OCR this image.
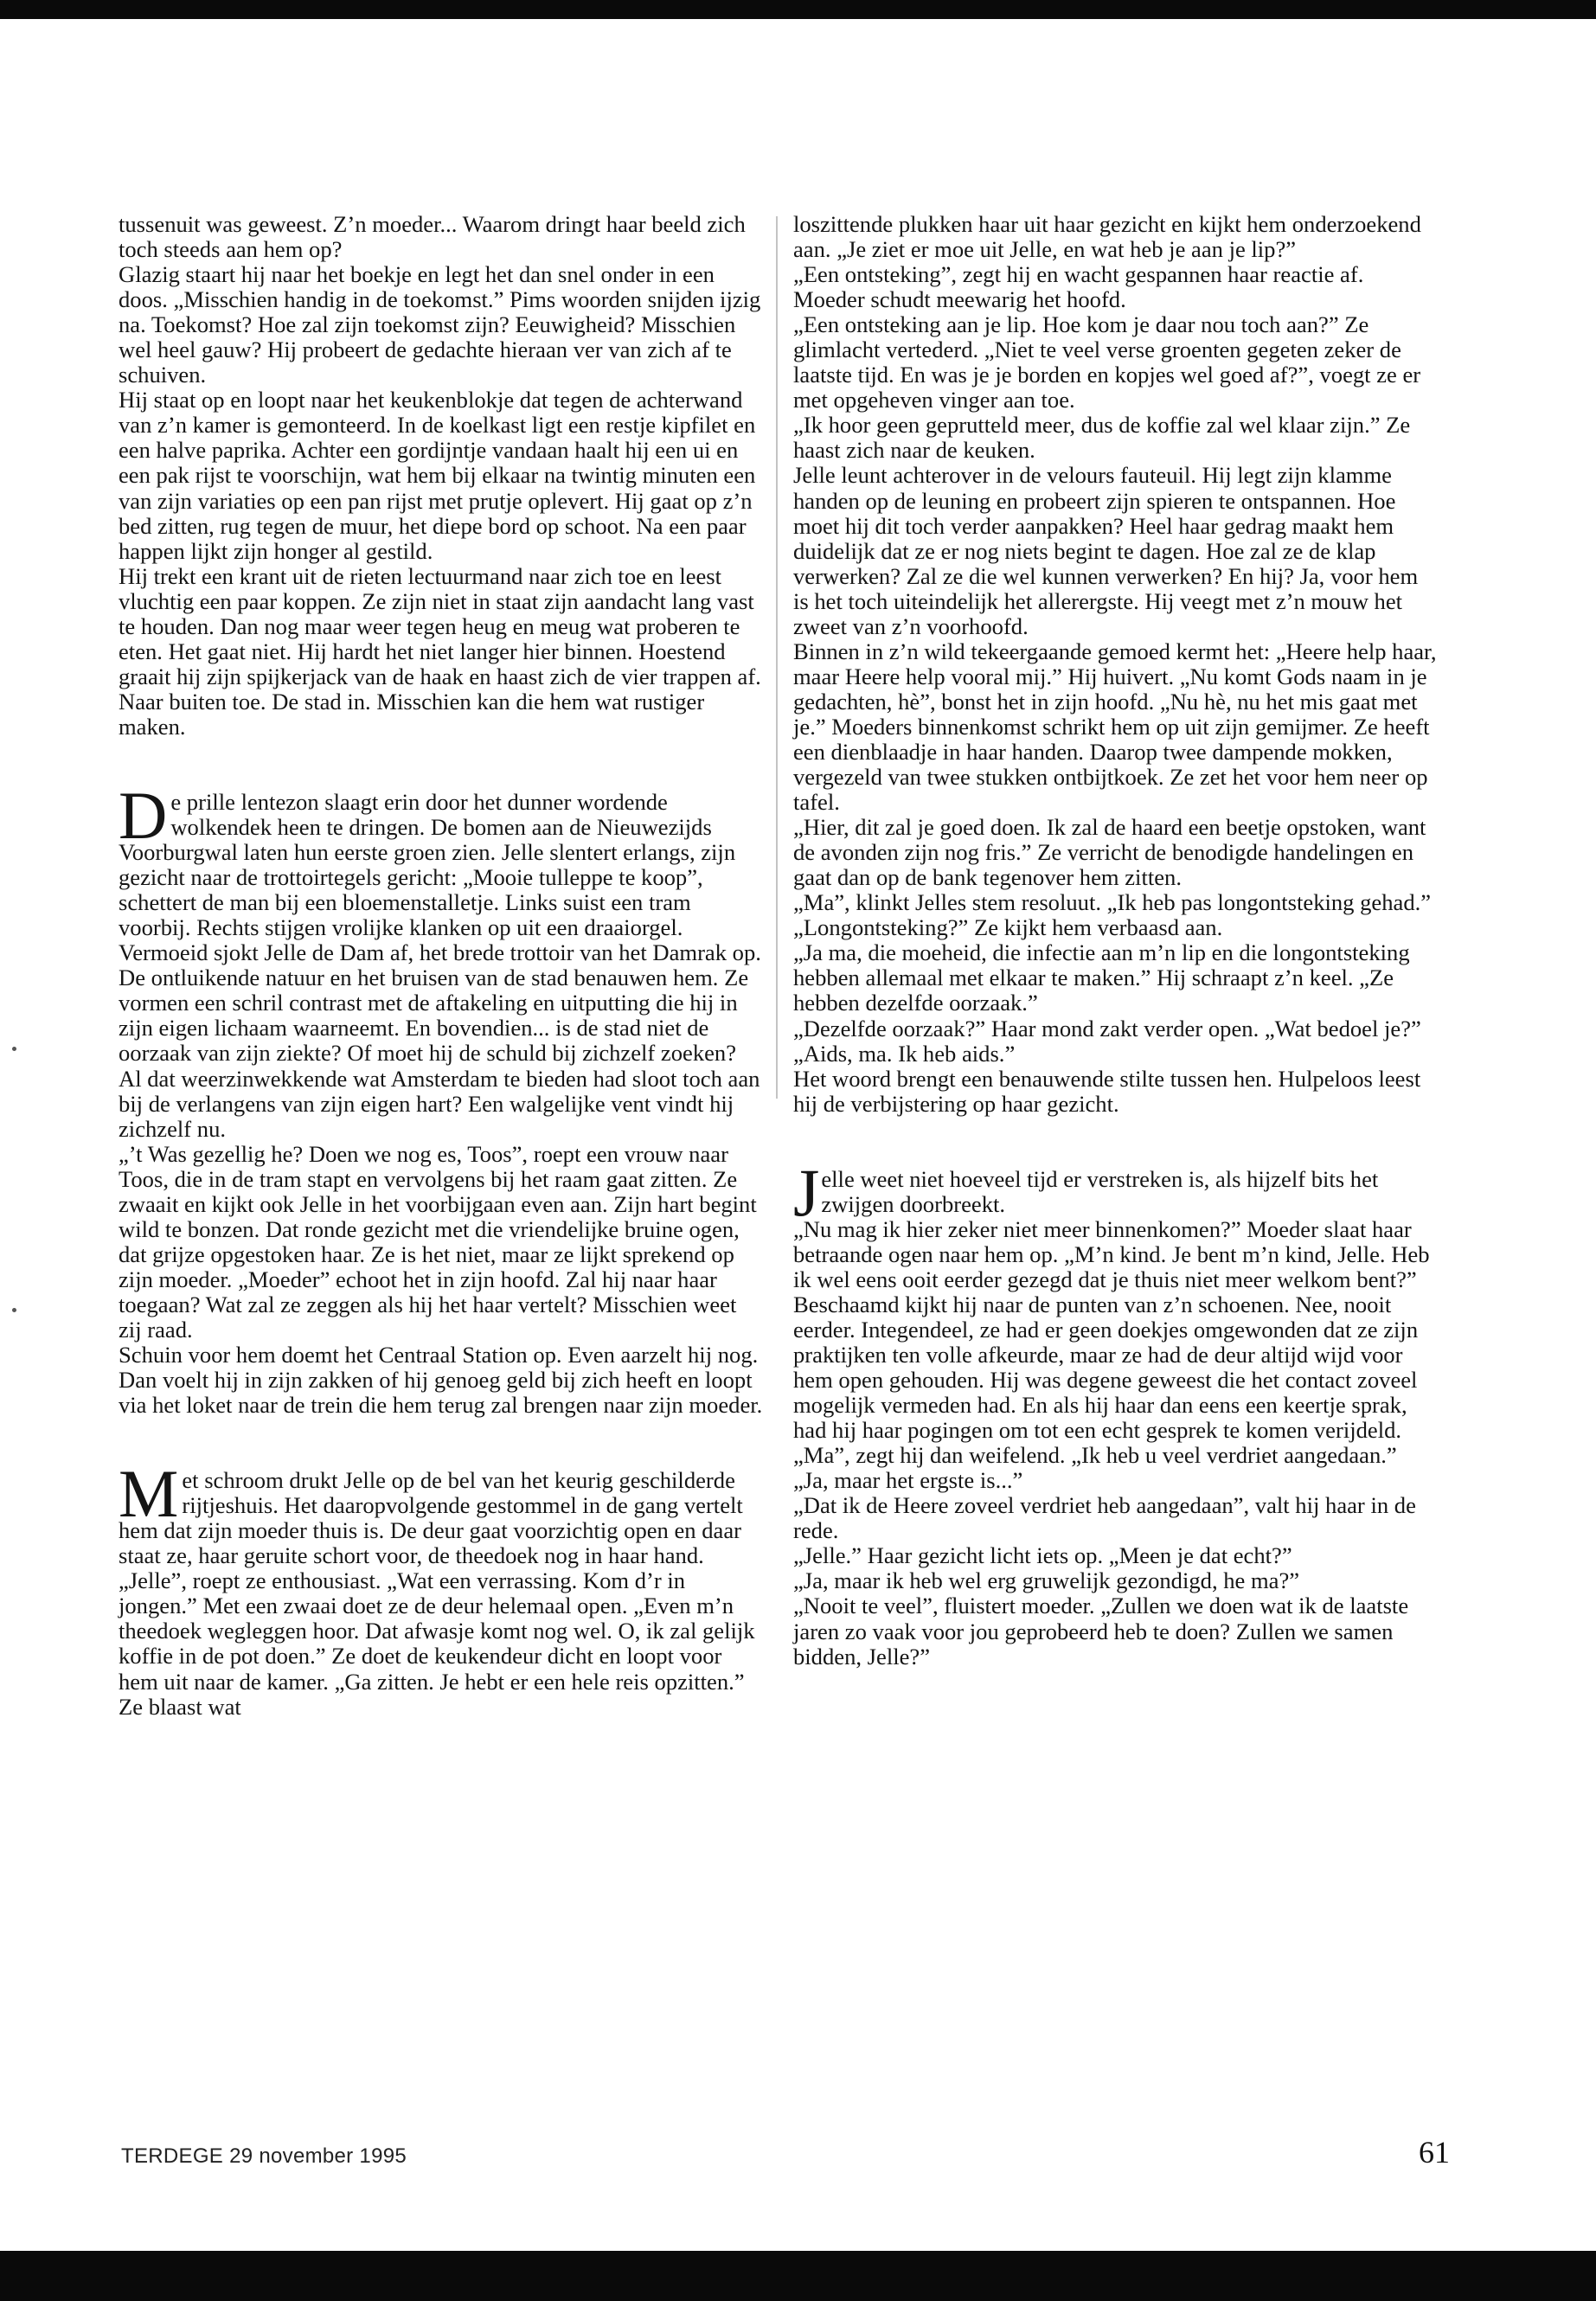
tussenuit was geweest. Z’n moeder... Waarom dringt haar beeld zich toch steeds aan hem op?

Glazig staart hij naar het boekje en legt het dan snel onder in een doos. „Misschien handig in de toekomst.” Pims woorden snijden ijzig na. Toekomst? Hoe zal zijn toekomst zijn? Eeuwigheid? Misschien wel heel gauw? Hij probeert de gedachte hieraan ver van zich af te schuiven.

Hij staat op en loopt naar het keukenblokje dat tegen de achterwand van z’n kamer is gemonteerd. In de koelkast ligt een restje kipfilet en een halve paprika. Achter een gordijntje vandaan haalt hij een ui en een pak rijst te voorschijn, wat hem bij elkaar na twintig minuten een van zijn variaties op een pan rijst met prutje oplevert. Hij gaat op z’n bed zitten, rug tegen de muur, het diepe bord op schoot. Na een paar happen lijkt zijn honger al gestild.

Hij trekt een krant uit de rieten lectuurmand naar zich toe en leest vluchtig een paar koppen. Ze zijn niet in staat zijn aandacht lang vast te houden. Dan nog maar weer tegen heug en meug wat proberen te eten. Het gaat niet. Hij hardt het niet langer hier binnen. Hoestend graait hij zijn spijkerjack van de haak en haast zich de vier trappen af. Naar buiten toe. De stad in. Misschien kan die hem wat rustiger maken.

De prille lentezon slaagt erin door het dunner wordende wolkendek heen te dringen. De bomen aan de Nieuwezijds Voorburgwal laten hun eerste groen zien. Jelle slentert erlangs, zijn gezicht naar de trottoirtegels gericht: „Mooie tulleppe te koop”, schettert de man bij een bloemenstalletje. Links suist een tram voorbij. Rechts stijgen vrolijke klanken op uit een draaiorgel. Vermoeid sjokt Jelle de Dam af, het brede trottoir van het Damrak op.

De ontluikende natuur en het bruisen van de stad benauwen hem. Ze vormen een schril contrast met de aftakeling en uitputting die hij in zijn eigen lichaam waarneemt. En bovendien... is de stad niet de oorzaak van zijn ziekte? Of moet hij de schuld bij zichzelf zoeken? Al dat weerzinwekkende wat Amsterdam te bieden had sloot toch aan bij de verlangens van zijn eigen hart? Een walgelijke vent vindt hij zichzelf nu.

„’t Was gezellig he? Doen we nog es, Toos”, roept een vrouw naar Toos, die in de tram stapt en vervolgens bij het raam gaat zitten. Ze zwaait en kijkt ook Jelle in het voorbijgaan even aan. Zijn hart begint wild te bonzen. Dat ronde gezicht met die vriendelijke bruine ogen, dat grijze opgestoken haar. Ze is het niet, maar ze lijkt sprekend op zijn moeder. „Moeder” echoot het in zijn hoofd. Zal hij naar haar toegaan? Wat zal ze zeggen als hij het haar vertelt? Misschien weet zij raad.

Schuin voor hem doemt het Centraal Station op. Even aarzelt hij nog. Dan voelt hij in zijn zakken of hij genoeg geld bij zich heeft en loopt via het loket naar de trein die hem terug zal brengen naar zijn moeder.

Met schroom drukt Jelle op de bel van het keurig geschilderde rijtjeshuis. Het daaropvolgende gestommel in de gang vertelt hem dat zijn moeder thuis is. De deur gaat voorzichtig open en daar staat ze, haar geruite schort voor, de theedoek nog in haar hand. „Jelle”, roept ze enthousiast. „Wat een verrassing. Kom d’r in jongen.” Met een zwaai doet ze de deur helemaal open. „Even m’n theedoek wegleggen hoor. Dat afwasje komt nog wel. O, ik zal gelijk koffie in de pot doen.” Ze doet de keukendeur dicht en loopt voor hem uit naar de kamer. „Ga zitten. Je hebt er een hele reis opzitten.” Ze blaast wat

loszittende plukken haar uit haar gezicht en kijkt hem onderzoekend aan. „Je ziet er moe uit Jelle, en wat heb je aan je lip?”

„Een ontsteking”, zegt hij en wacht gespannen haar reactie af. Moeder schudt meewarig het hoofd.

„Een ontsteking aan je lip. Hoe kom je daar nou toch aan?” Ze glimlacht vertederd. „Niet te veel verse groenten gegeten zeker de laatste tijd. En was je je borden en kopjes wel goed af?”, voegt ze er met opgeheven vinger aan toe.

„Ik hoor geen geprutteld meer, dus de koffie zal wel klaar zijn.” Ze haast zich naar de keuken.

Jelle leunt achterover in de velours fauteuil. Hij legt zijn klamme handen op de leuning en probeert zijn spieren te ontspannen. Hoe moet hij dit toch verder aanpakken? Heel haar gedrag maakt hem duidelijk dat ze er nog niets begint te dagen. Hoe zal ze de klap verwerken? Zal ze die wel kunnen verwerken? En hij? Ja, voor hem is het toch uiteindelijk het allerergste. Hij veegt met z’n mouw het zweet van z’n voorhoofd.

Binnen in z’n wild tekeergaande gemoed kermt het: „Heere help haar, maar Heere help vooral mij.” Hij huivert. „Nu komt Gods naam in je gedachten, hè”, bonst het in zijn hoofd. „Nu hè, nu het mis gaat met je.” Moeders binnenkomst schrikt hem op uit zijn gemijmer. Ze heeft een dienblaadje in haar handen. Daarop twee dampende mokken, vergezeld van twee stukken ontbijtkoek. Ze zet het voor hem neer op tafel.

„Hier, dit zal je goed doen. Ik zal de haard een beetje opstoken, want de avonden zijn nog fris.” Ze verricht de benodigde handelingen en gaat dan op de bank tegenover hem zitten.

„Ma”, klinkt Jelles stem resoluut. „Ik heb pas longontsteking gehad.”

„Longontsteking?” Ze kijkt hem verbaasd aan.

„Ja ma, die moeheid, die infectie aan m’n lip en die longontsteking hebben allemaal met elkaar te maken.” Hij schraapt z’n keel. „Ze hebben dezelfde oorzaak.”

„Dezelfde oorzaak?” Haar mond zakt verder open. „Wat bedoel je?”

„Aids, ma. Ik heb aids.”

Het woord brengt een benauwende stilte tussen hen. Hulpeloos leest hij de verbijstering op haar gezicht.

Jelle weet niet hoeveel tijd er verstreken is, als hijzelf bits het zwijgen doorbreekt.

„Nu mag ik hier zeker niet meer binnenkomen?” Moeder slaat haar betraande ogen naar hem op. „M’n kind. Je bent m’n kind, Jelle. Heb ik wel eens ooit eerder gezegd dat je thuis niet meer welkom bent?”

Beschaamd kijkt hij naar de punten van z’n schoenen. Nee, nooit eerder. Integendeel, ze had er geen doekjes omgewonden dat ze zijn praktijken ten volle afkeurde, maar ze had de deur altijd wijd voor hem open gehouden. Hij was degene geweest die het contact zoveel mogelijk vermeden had. En als hij haar dan eens een keertje sprak, had hij haar pogingen om tot een echt gesprek te komen verijdeld.

„Ma”, zegt hij dan weifelend. „Ik heb u veel verdriet aangedaan.”

„Ja, maar het ergste is...”

„Dat ik de Heere zoveel verdriet heb aangedaan”, valt hij haar in de rede.

„Jelle.” Haar gezicht licht iets op. „Meen je dat echt?”

„Ja, maar ik heb wel erg gruwelijk gezondigd, he ma?”

„Nooit te veel”, fluistert moeder. „Zullen we doen wat ik de laatste jaren zo vaak voor jou geprobeerd heb te doen? Zullen we samen bidden, Jelle?”

TERDEGE 29 november 1995	61
